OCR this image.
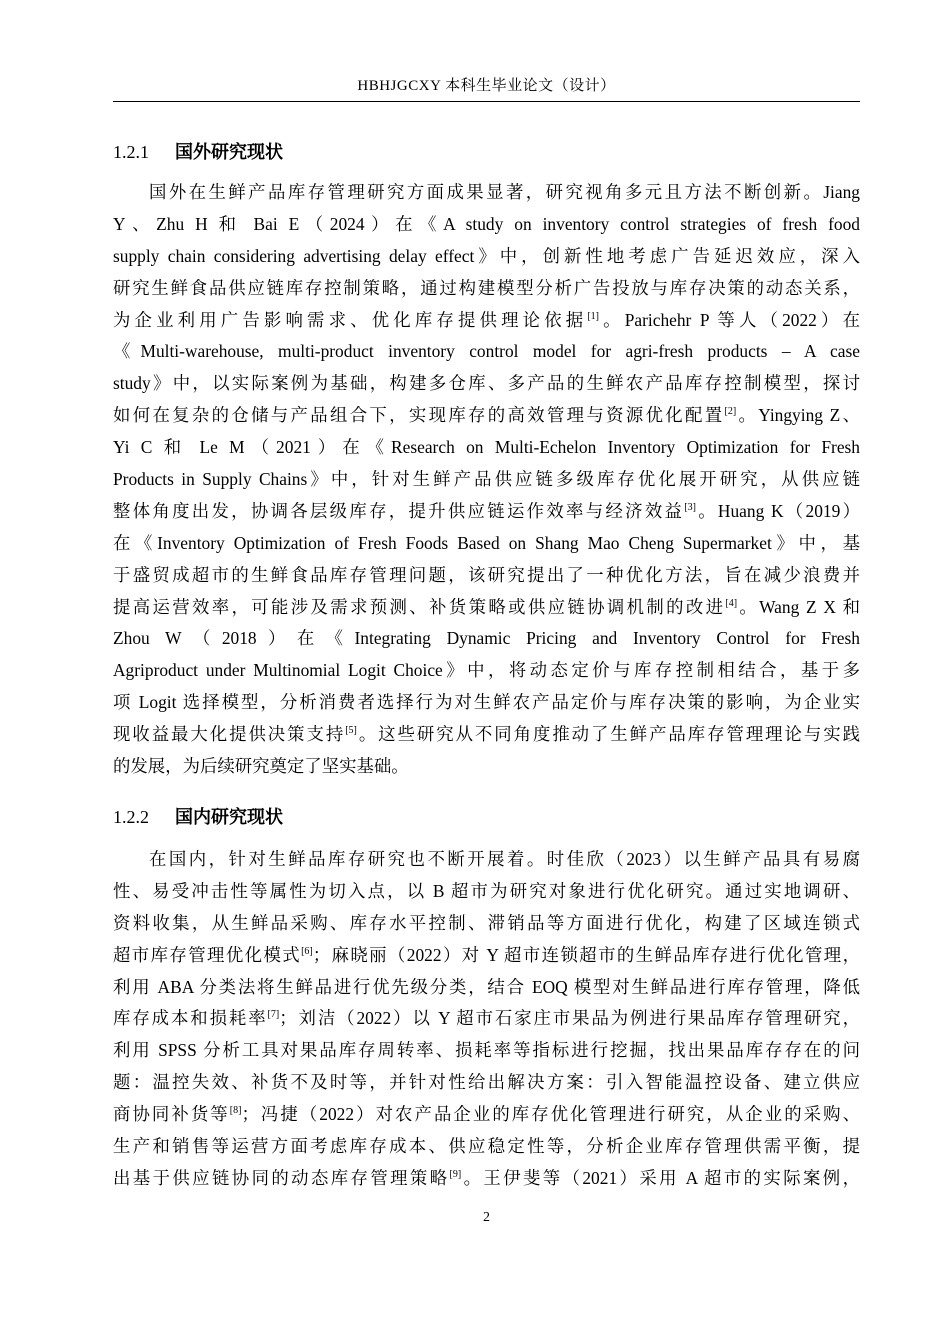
HBHJGCXY 本科生毕业论文（设计）
1.2.1 国外研究现状
国外在生鲜产品库存管理研究方面成果显著，研究视角多元且方法不断创新。Jiang
Y、Zhu H 和 Bai E（2024）在《A study on inventory control strategies of fresh food
supply chain considering advertising delay effect》中，创新性地考虑广告延迟效应，深入
研究生鲜食品供应链库存控制策略，通过构建模型分析广告投放与库存决策的动态关系，
为企业利用广告影响需求、优化库存提供理论依据[1]。Parichehr P 等人（2022）在
《Multi-warehouse, multi-product inventory control model for agri-fresh products – A case
study》中，以实际案例为基础，构建多仓库、多产品的生鲜农产品库存控制模型，探讨
如何在复杂的仓储与产品组合下，实现库存的高效管理与资源优化配置[2]。Yingying Z、
Yi C 和 Le M（2021）在《Research on Multi-Echelon Inventory Optimization for Fresh
Products in Supply Chains》中，针对生鲜产品供应链多级库存优化展开研究，从供应链
整体角度出发，协调各层级库存，提升供应链运作效率与经济效益[3]。Huang K（2019）
在《Inventory Optimization of Fresh Foods Based on Shang Mao Cheng Supermarket》中，基
于盛贸成超市的生鲜食品库存管理问题，该研究提出了一种优化方法，旨在减少浪费并
提高运营效率，可能涉及需求预测、补货策略或供应链协调机制的改进[4]。Wang Z X 和
Zhou W（2018）在《Integrating Dynamic Pricing and Inventory Control for Fresh
Agriproduct under Multinomial Logit Choice》中，将动态定价与库存控制相结合，基于多
项 Logit 选择模型，分析消费者选择行为对生鲜农产品定价与库存决策的影响，为企业实
现收益最大化提供决策支持[5]。这些研究从不同角度推动了生鲜产品库存管理理论与实践
的发展，为后续研究奠定了坚实基础。
1.2.2 国内研究现状
在国内，针对生鲜品库存研究也不断开展着。时佳欣（2023）以生鲜产品具有易腐
性、易受冲击性等属性为切入点，以 B 超市为研究对象进行优化研究。通过实地调研、
资料收集，从生鲜品采购、库存水平控制、滞销品等方面进行优化，构建了区域连锁式
超市库存管理优化模式[6]；麻晓丽（2022）对 Y 超市连锁超市的生鲜品库存进行优化管理，
利用 ABA 分类法将生鲜品进行优先级分类，结合 EOQ 模型对生鲜品进行库存管理，降低
库存成本和损耗率[7]；刘洁（2022）以 Y 超市石家庄市果品为例进行果品库存管理研究，
利用 SPSS 分析工具对果品库存周转率、损耗率等指标进行挖掘，找出果品库存存在的问
题：温控失效、补货不及时等，并针对性给出解决方案：引入智能温控设备、建立供应
商协同补货等[8]；冯捷（2022）对农产品企业的库存优化管理进行研究，从企业的采购、
生产和销售等运营方面考虑库存成本、供应稳定性等，分析企业库存管理供需平衡，提
出基于供应链协同的动态库存管理策略[9]。王伊斐等（2021）采用 A 超市的实际案例，
2
